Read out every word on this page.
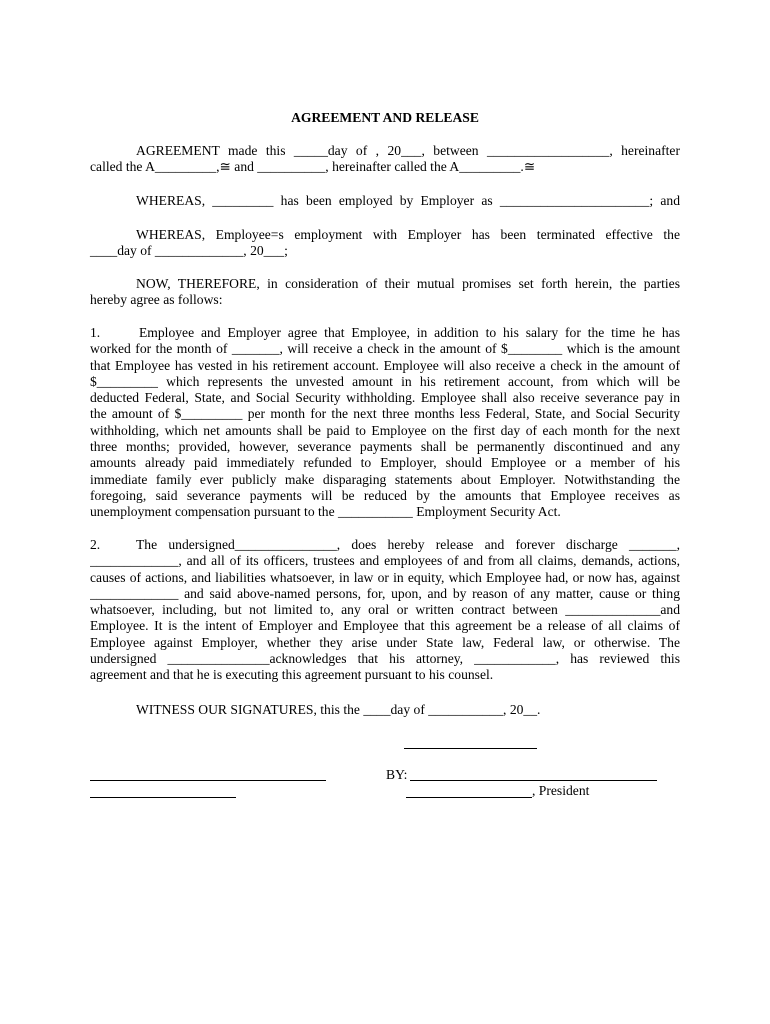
AGREEMENT AND RELEASE
AGREEMENT made this _____day of , 20___, between __________________, hereinafter
called the A_________,≅ and __________, hereinafter called the A_________.≅
WHEREAS, _________ has been employed by Employer as ______________________; and
WHEREAS, Employee=s employment with Employer has been terminated effective the
____day of _____________, 20___;
NOW, THEREFORE, in consideration of their mutual promises set forth herein, the parties
hereby agree as follows:
1.	Employee and Employer agree that Employee, in addition to his salary for the time he has
worked for the month of _______, will receive a check in the amount of $________ which is the amount
that Employee has vested in his retirement account. Employee will also receive a check in the amount of
$_________ which represents the unvested amount in his retirement account, from which will be
deducted Federal, State, and Social Security withholding. Employee shall also receive severance pay in
the amount of $_________ per month for the next three months less Federal, State, and Social Security
withholding, which net amounts shall be paid to Employee on the first day of each month for the next
three months; provided, however, severance payments shall be permanently discontinued and any
amounts already paid immediately refunded to Employer, should Employee or a member of his
immediate family ever publicly make disparaging statements about Employer. Notwithstanding the
foregoing, said severance payments will be reduced by the amounts that Employee receives as
unemployment compensation pursuant to the ___________ Employment Security Act.
2.	The undersigned_______________, does hereby release and forever discharge _______,
_____________, and all of its officers, trustees and employees of and from all claims, demands, actions,
causes of actions, and liabilities whatsoever, in law or in equity, which Employee had, or now has, against
_____________ and said above-named persons, for, upon, and by reason of any matter, cause or thing
whatsoever, including, but not limited to, any oral or written contract between ______________and
Employee. It is the intent of Employer and Employee that this agreement be a release of all claims of
Employee against Employer, whether they arise under State law, Federal law, or otherwise. The
undersigned _______________acknowledges that his attorney, ____________, has reviewed this
agreement and that he is executing this agreement pursuant to his counsel.
WITNESS OUR SIGNATURES, this the ____day of ___________, 20__.
BY:
, President
